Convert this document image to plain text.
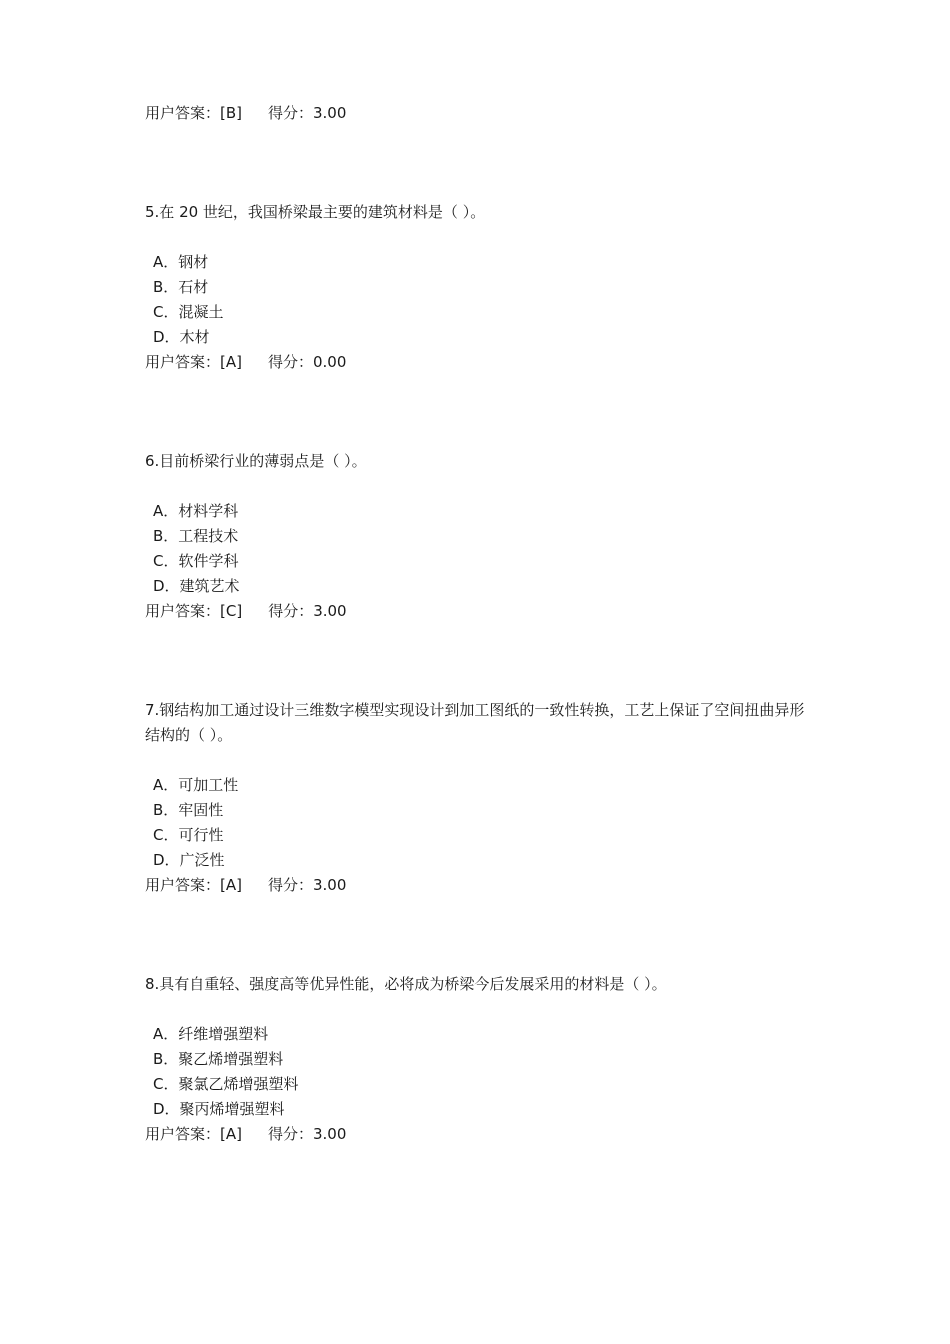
用户答案：[B] 得分：3.00
5.在 20 世纪，我国桥梁最主要的建筑材料是（ ）。
A．钢材
B．石材
C．混凝土
D．木材
用户答案：[A] 得分：0.00
6.目前桥梁行业的薄弱点是（ ）。
A．材料学科
B．工程技术
C．软件学科
D．建筑艺术
用户答案：[C] 得分：3.00
7.钢结构加工通过设计三维数字模型实现设计到加工图纸的一致性转换，工艺上保证了空间扭曲异形结构的（ ）。
A．可加工性
B．牢固性
C．可行性
D．广泛性
用户答案：[A] 得分：3.00
8.具有自重轻、强度高等优异性能，必将成为桥梁今后发展采用的材料是（ ）。
A．纤维增强塑料
B．聚乙烯增强塑料
C．聚氯乙烯增强塑料
D．聚丙烯增强塑料
用户答案：[A] 得分：3.00
